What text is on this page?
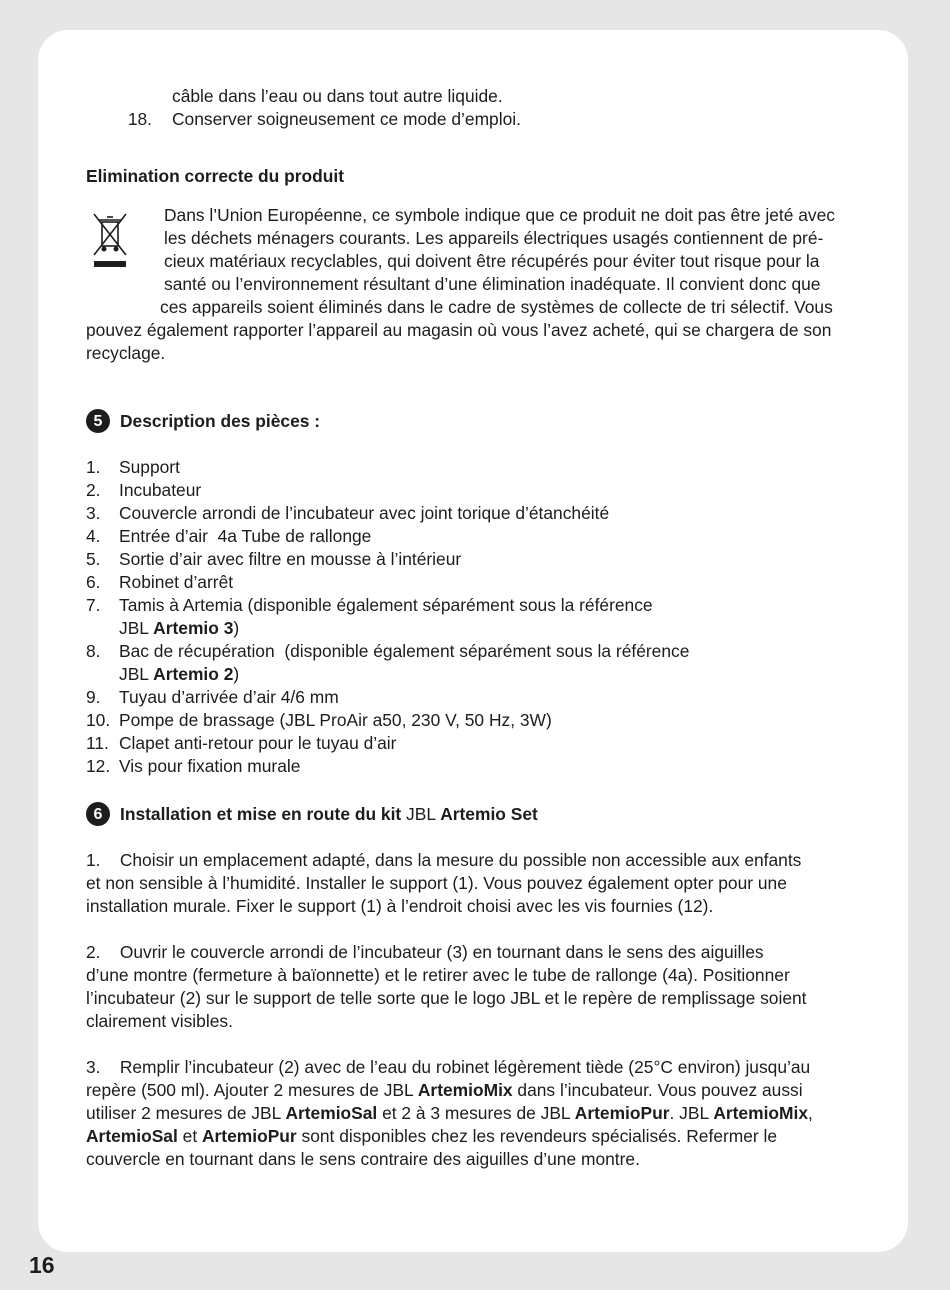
câble dans l’eau ou dans tout autre liquide.
18.	Conserver soigneusement ce mode d’emploi.

Elimination correcte du produit

Dans l’Union Européenne, ce symbole indique que ce produit ne doit pas être jeté avec
les déchets ménagers courants. Les appareils électriques usagés contiennent de pré-
cieux matériaux recyclables, qui doivent être récupérés pour éviter tout risque pour la
santé ou l’environnement résultant d’une élimination inadéquate. Il convient donc que
ces appareils soient éliminés dans le cadre de systèmes de collecte de tri sélectif. Vous
pouvez également rapporter l’appareil au magasin où vous l’avez acheté, qui se chargera de son
recyclage.
5	Description des pièces :
1.	Support
2.	Incubateur
3.	Couvercle arrondi de l’incubateur avec joint torique d’étanchéité
4.	Entrée d’air  4a Tube de rallonge
5.	Sortie d’air avec filtre en mousse à l’intérieur
6.	Robinet d’arrêt
7.	Tamis à Artemia (disponible également séparément sous la référence
JBL Artemio 3)
8.	Bac de récupération  (disponible également séparément sous la référence
JBL Artemio 2)
9.	Tuyau d’arrivée d’air 4/6 mm
10. Pompe de brassage (JBL ProAir a50, 230 V, 50 Hz, 3W)
11. Clapet anti-retour pour le tuyau d’air
12. Vis pour fixation murale
6	Installation et mise en route du kit JBL Artemio Set
1.    Choisir un emplacement adapté, dans la mesure du possible non accessible aux enfants
et non sensible à l’humidité. Installer le support (1). Vous pouvez également opter pour une
installation murale. Fixer le support (1) à l’endroit choisi avec les vis fournies (12).
2.    Ouvrir le couvercle arrondi de l’incubateur (3) en tournant dans le sens des aiguilles
d’une montre (fermeture à baïonnette) et le retirer avec le tube de rallonge (4a). Positionner
l’incubateur (2) sur le support de telle sorte que le logo JBL et le repère de remplissage soient
clairement visibles.
3.    Remplir l’incubateur (2) avec de l’eau du robinet légèrement tiède (25°C environ) jusqu’au
repère (500 ml). Ajouter 2 mesures de JBL ArtemioMix dans l’incubateur. Vous pouvez aussi
utiliser 2 mesures de JBL ArtemioSal et 2 à 3 mesures de JBL ArtemioPur. JBL ArtemioMix,
ArtemioSal et ArtemioPur sont disponibles chez les revendeurs spécialisés. Refermer le
couvercle en tournant dans le sens contraire des aiguilles d’une montre.
16
